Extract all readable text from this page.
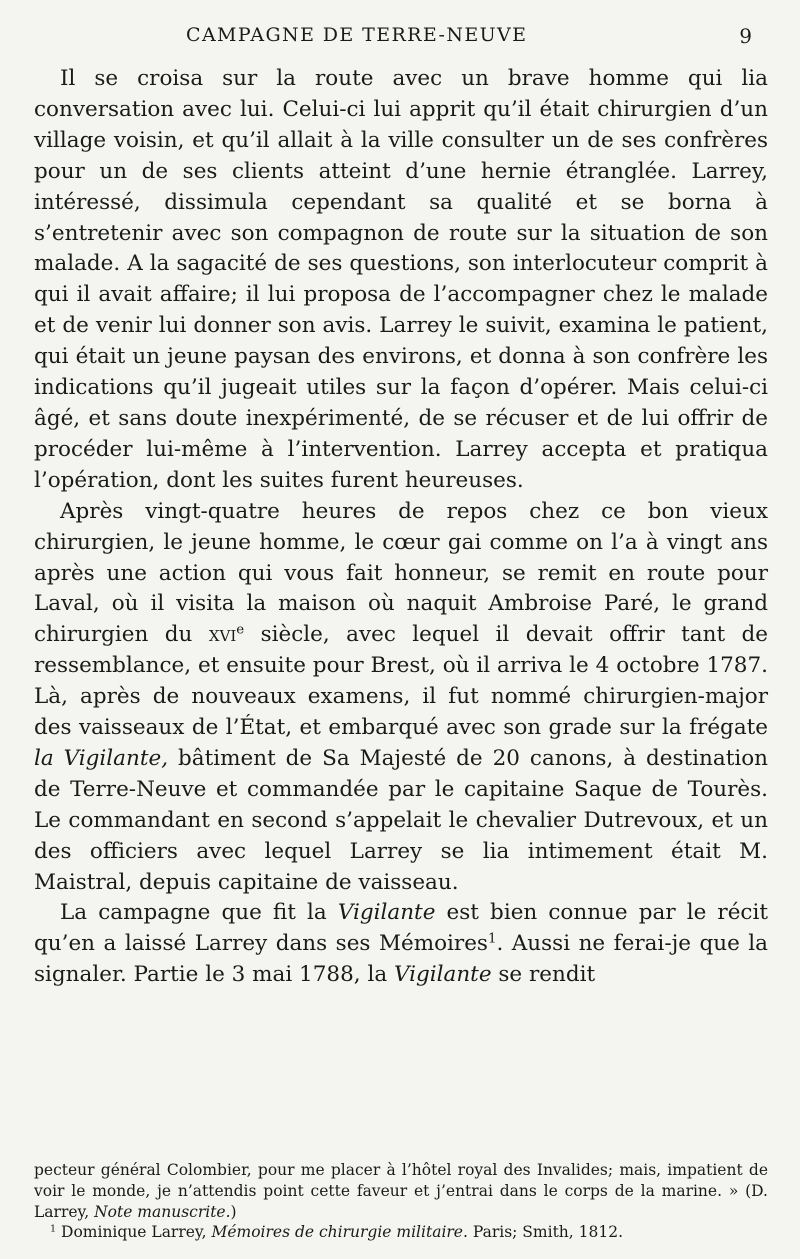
CAMPAGNE DE TERRE-NEUVE	9

Il se croisa sur la route avec un brave homme qui lia conversation avec lui. Celui-ci lui apprit qu’il était chirurgien d’un village voisin, et qu’il allait à la ville consulter un de ses confrères pour un de ses clients atteint d’une hernie étranglée. Larrey, intéressé, dissimula cependant sa qualité et se borna à s’entretenir avec son compagnon de route sur la situation de son malade. A la sagacité de ses questions, son interlocuteur comprit à qui il avait affaire; il lui proposa de l’accompagner chez le malade et de venir lui donner son avis. Larrey le suivit, examina le patient, qui était un jeune paysan des environs, et donna à son confrère les indications qu’il jugeait utiles sur la façon d’opérer. Mais celui-ci âgé, et sans doute inexpérimenté, de se récuser et de lui offrir de procéder lui-même à l’intervention. Larrey accepta et pratiqua l’opération, dont les suites furent heureuses.

Après vingt-quatre heures de repos chez ce bon vieux chirurgien, le jeune homme, le cœur gai comme on l’a à vingt ans après une action qui vous fait honneur, se remit en route pour Laval, où il visita la maison où naquit Ambroise Paré, le grand chirurgien du xvi$^e$ siècle, avec lequel il devait offrir tant de ressemblance, et ensuite pour Brest, où il arriva le 4 octobre 1787. Là, après de nouveaux examens, il fut nommé chirurgien-major des vaisseaux de l’État, et embarqué avec son grade sur la frégate la Vigilante, bâtiment de Sa Majesté de 20 canons, à destination de Terre-Neuve et commandée par le capitaine Saque de Tourès. Le commandant en second s’appelait le chevalier Dutrevoux, et un des officiers avec lequel Larrey se lia intimement était M. Maistral, depuis capitaine de vaisseau.

La campagne que fit la Vigilante est bien connue par le récit qu’en a laissé Larrey dans ses Mémoires$^1$. Aussi ne ferai-je que la signaler. Partie le 3 mai 1788, la Vigilante se rendit

pecteur général Colombier, pour me placer à l’hôtel royal des Invalides; mais, impatient de voir le monde, je n’attendis point cette faveur et j’entrai dans le corps de la marine. » (D. Larrey, Note manuscrite.)

$^1$ Dominique Larrey, Mémoires de chirurgie militaire. Paris; Smith, 1812.
